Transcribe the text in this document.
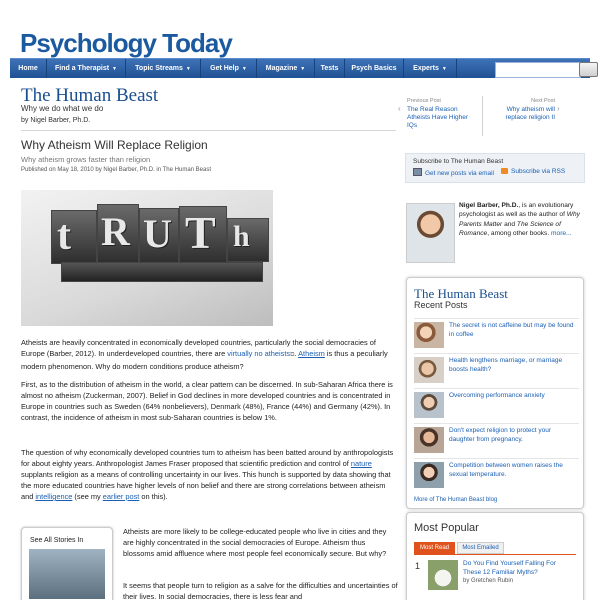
Psychology Today
Home	Find a Therapist ▼	Topic Streams ▼	Get Help ▼	Magazine ▼	Tests	Psych Basics	Experts ▼
The Human Beast
Why we do what we do
by Nigel Barber, Ph.D.
Why Atheism Will Replace Religion
Why atheism grows faster than religion
Published on May 18, 2010 by Nigel Barber, Ph.D. in The Human Beast
t R U T h
Atheists are heavily concentrated in economically developed countries, particularly the social democracies of Europe (Barber, 2012). In underdeveloped countries, there are virtually no atheists⧉. Atheism is thus a peculiarly modern phenomenon. Why do modern conditions produce atheism?
First, as to the distribution of atheism in the world, a clear pattern can be discerned. In sub-Saharan Africa there is almost no atheism (Zuckerman, 2007). Belief in God declines in more developed countries and is concentrated in Europe in countries such as Sweden (64% nonbelievers), Denmark (48%), France (44%) and Germany (42%). In contrast, the incidence of atheism in most sub-Saharan countries is below 1%.
The question of why economically developed countries turn to atheism has been batted around by anthropologists for about eighty years. Anthropologist James Fraser proposed that scientific prediction and control of nature supplants religion as a means of controlling uncertainty in our lives. This hunch is supported by data showing that the more educated countries have higher levels of non belief and there are strong correlations between atheism and intelligence (see my earlier post on this).
See All Stories In
Atheists are more likely to be college-educated people who live in cities and they are highly concentrated in the social democracies of Europe. Atheism thus blossoms amid affluence where most people feel economically secure. But why?
It seems that people turn to religion as a salve for the difficulties and uncertainties of their lives. In social democracies, there is less fear and
‹
Previous Post
The Real Reason Atheists Have Higher IQs
Next Post
Why atheism will replace religion II
›
Subscribe to The Human Beast
Get new posts via email	Subscribe via RSS
Nigel Barber, Ph.D., is an evolutionary psychologist as well as the author of Why Parents Matter and The Science of Romance, among other books. more...
The Human Beast
Recent Posts
The secret is not caffeine but may be found in coffee
Health lengthens marriage, or marriage boosts health?
Overcoming performance anxiety
Don't expect religion to protect your daughter from pregnancy.
Competition between women raises the sexual temperature.
More of The Human Beast blog
Most Popular
Most Read	Most Emailed
1	Do You Find Yourself Falling For These 12 Familiar Myths?
by Gretchen Rubin
